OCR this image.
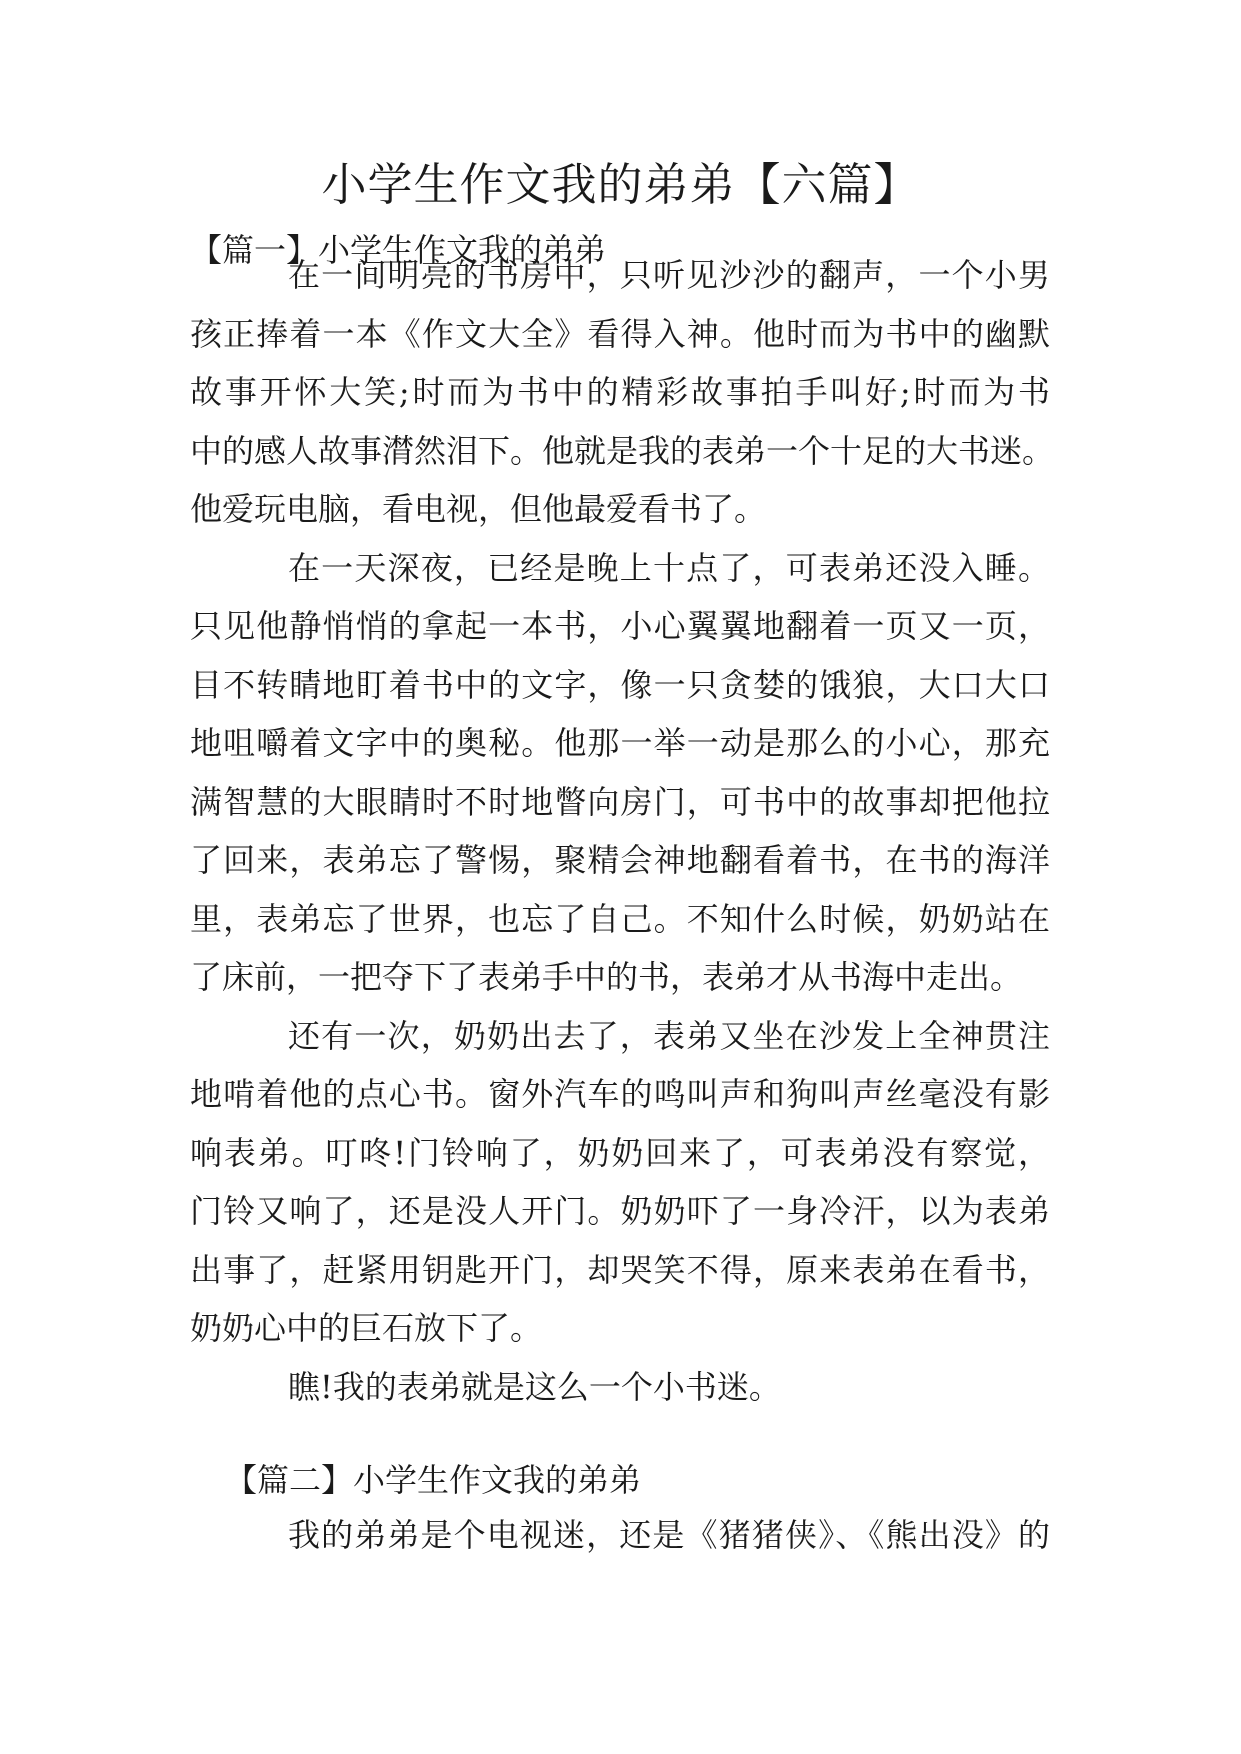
小学生作文我的弟弟【六篇】
【篇一】小学生作文我的弟弟
在一间明亮的书房中，只听见沙沙的翻声，一个小男
孩正捧着一本《作文大全》看得入神。他时而为书中的幽默
故事开怀大笑;时而为书中的精彩故事拍手叫好;时而为书
中的感人故事潸然泪下。他就是我的表弟一个十足的大书迷。
他爱玩电脑，看电视，但他最爱看书了。
在一天深夜，已经是晚上十点了，可表弟还没入睡。
只见他静悄悄的拿起一本书，小心翼翼地翻着一页又一页，
目不转睛地盯着书中的文字，像一只贪婪的饿狼，大口大口
地咀嚼着文字中的奥秘。他那一举一动是那么的小心，那充
满智慧的大眼睛时不时地瞥向房门，可书中的故事却把他拉
了回来，表弟忘了警惕，聚精会神地翻看着书，在书的海洋
里，表弟忘了世界，也忘了自己。不知什么时候，奶奶站在
了床前，一把夺下了表弟手中的书，表弟才从书海中走出。
还有一次，奶奶出去了，表弟又坐在沙发上全神贯注
地啃着他的点心书。窗外汽车的鸣叫声和狗叫声丝毫没有影
响表弟。叮咚!门铃响了，奶奶回来了，可表弟没有察觉，
门铃又响了，还是没人开门。奶奶吓了一身冷汗，以为表弟
出事了，赶紧用钥匙开门，却哭笑不得，原来表弟在看书，
奶奶心中的巨石放下了。
瞧!我的表弟就是这么一个小书迷。
【篇二】小学生作文我的弟弟
我的弟弟是个电视迷，还是《猪猪侠》、《熊出没》的
